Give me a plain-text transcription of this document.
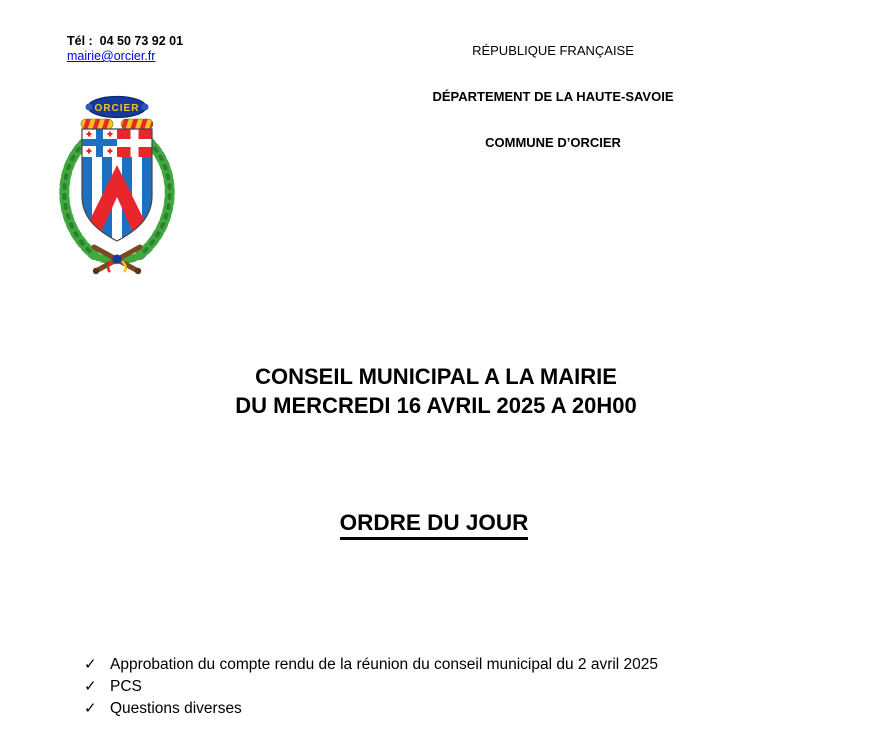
Tél :  04 50 73 92 01
mairie@orcier.fr	RÉPUBLIQUE FRANÇAISE
DÉPARTEMENT DE LA HAUTE-SAVOIE
COMMUNE D’ORCIER
ORCIER
CONSEIL MUNICIPAL A LA MAIRIE
DU MERCREDI 16 AVRIL 2025 A 20H00
ORDRE DU JOUR
✓ Approbation du compte rendu de la réunion du conseil municipal du 2 avril 2025
✓ PCS
✓ Questions diverses
